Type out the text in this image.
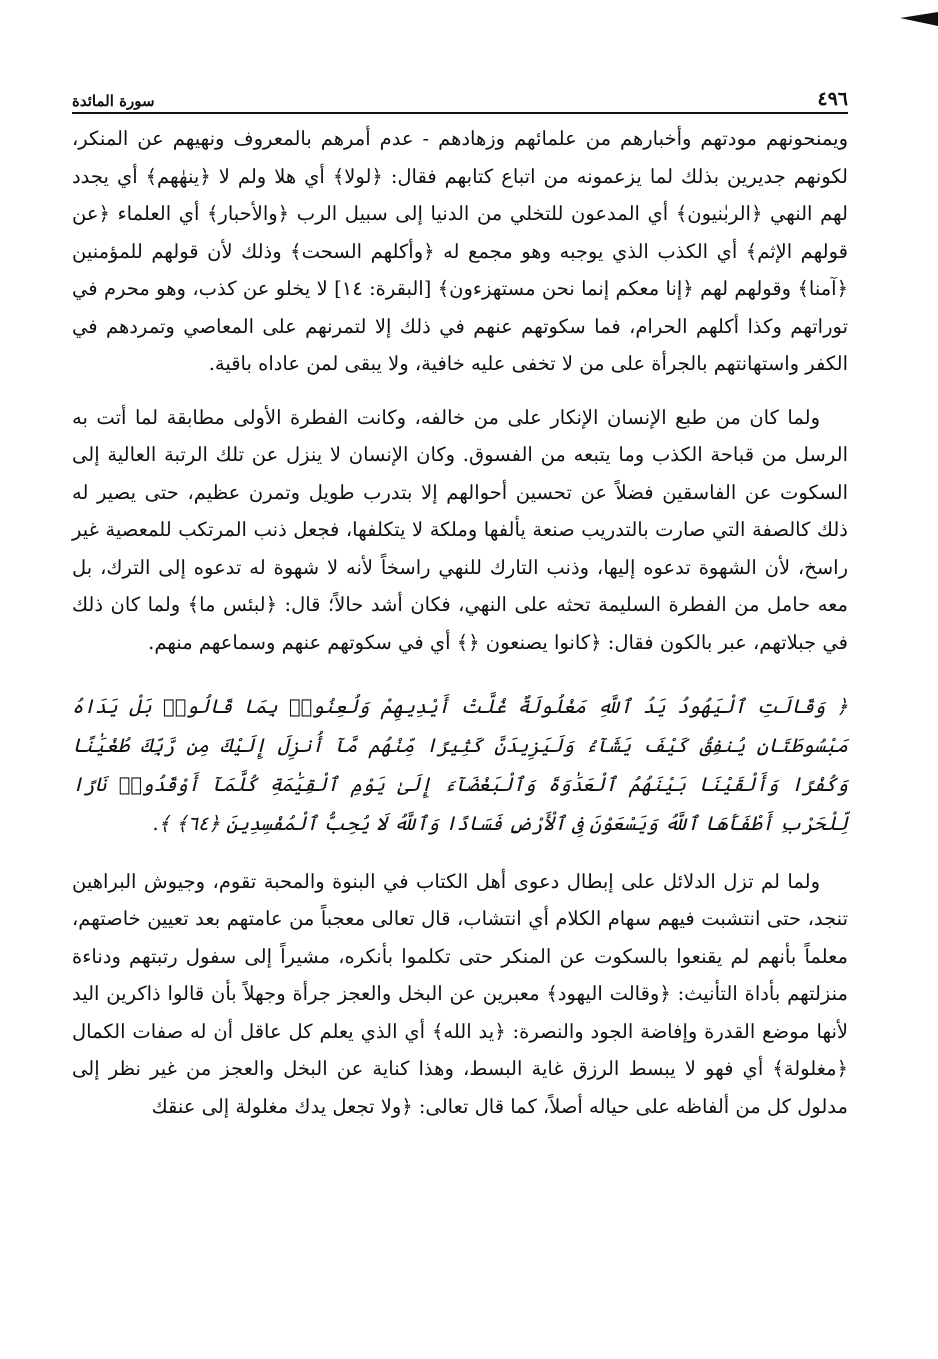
٤٩٦
سورة المائدة

ويمنحونهم مودتهم وأخبارهم من علمائهم وزهادهم - عدم أمرهم بالمعروف ونهيهم عن المنكر، لكونهم جديرين بذلك لما يزعمونه من اتباع كتابهم فقال: ﴿لولا﴾ أي هلا ولم لا ﴿ينهٰهم﴾ أي يجدد لهم النهي ﴿الربٰنيون﴾ أي المدعون للتخلي من الدنيا إلى سبيل الرب ﴿والأحبار﴾ أي العلماء ﴿عن قولهم الإثم﴾ أي الكذب الذي يوجبه وهو مجمع له ﴿وأكلهم السحت﴾ وذلك لأن قولهم للمؤمنين ﴿آمنا﴾ وقولهم لهم ﴿إنا معكم إنما نحن مستهزءون﴾ [البقرة: ١٤] لا يخلو عن كذب، وهو محرم في توراتهم وكذا أكلهم الحرام، فما سكوتهم عنهم في ذلك إلا لتمرنهم على المعاصي وتمردهم في الكفر واستهانتهم بالجرأة على من لا تخفى عليه خافية، ولا يبقى لمن عاداه باقية.

ولما كان من طبع الإنسان الإنكار على من خالفه، وكانت الفطرة الأولى مطابقة لما أتت به الرسل من قباحة الكذب وما يتبعه من الفسوق. وكان الإنسان لا ينزل عن تلك الرتبة العالية إلى السكوت عن الفاسقين فضلاً عن تحسين أحوالهم إلا بتدرب طويل وتمرن عظيم، حتى يصير له ذلك كالصفة التي صارت بالتدريب صنعة يألفها وملكة لا يتكلفها، فجعل ذنب المرتكب للمعصية غير راسخ، لأن الشهوة تدعوه إليها، وذنب التارك للنهي راسخاً لأنه لا شهوة له تدعوه إلى الترك، بل معه حامل من الفطرة السليمة تحثه على النهي، فكان أشد حالاً؛ قال: ﴿لبئس ما﴾ ولما كان ذلك في جبلاتهم، عبر بالكون فقال: ﴿كانوا يصنعون ﴿﴾ أي في سكوتهم عنهم وسماعهم منهم.

﴿ وَقَالَتِ ٱلْيَهُودُ يَدُ ٱللَّهِ مَغْلُولَةٌ غُلَّتْ أَيْدِيهِمْ وَلُعِنُوا۟ بِمَا قَالُوا۟ بَلْ يَدَاهُ مَبْسُوطَتَانِ يُنفِقُ كَيْفَ يَشَآءُ وَلَيَزِيدَنَّ كَثِيرًا مِّنْهُم مَّآ أُنزِلَ إِلَيْكَ مِن رَّبِّكَ طُغْيَٰنًا وَكُفْرًا وَأَلْقَيْنَا بَيْنَهُمُ ٱلْعَدَٰوَةَ وَٱلْبَغْضَآءَ إِلَىٰ يَوْمِ ٱلْقِيَٰمَةِ كُلَّمَآ أَوْقَدُوا۟ نَارًا لِّلْحَرْبِ أَطْفَأَهَا ٱللَّهُ وَيَسْعَوْنَ فِى ٱلْأَرْضِ فَسَادًا وَٱللَّهُ لَا يُحِبُّ ٱلْمُفْسِدِينَ ﴿٦٤﴾ ﴾.

ولما لم تزل الدلائل على إبطال دعوى أهل الكتاب في البنوة والمحبة تقوم، وجيوش البراهين تنجد، حتى انتشبت فيهم سهام الكلام أي انتشاب، قال تعالى معجباً من عامتهم بعد تعيين خاصتهم، معلماً بأنهم لم يقنعوا بالسكوت عن المنكر حتى تكلموا بأنكره، مشيراً إلى سفول رتبتهم ودناءة منزلتهم بأداة التأنيث: ﴿وقالت اليهود﴾ معبرين عن البخل والعجز جرأة وجهلاً بأن قالوا ذاكرين اليد لأنها موضع القدرة وإفاضة الجود والنصرة: ﴿يد الله﴾ أي الذي يعلم كل عاقل أن له صفات الكمال ﴿مغلولة﴾ أي فهو لا يبسط الرزق غاية البسط، وهذا كناية عن البخل والعجز من غير نظر إلى مدلول كل من ألفاظه على حياله أصلاً، كما قال تعالى: ﴿ولا تجعل يدك مغلولة إلى عنقك
